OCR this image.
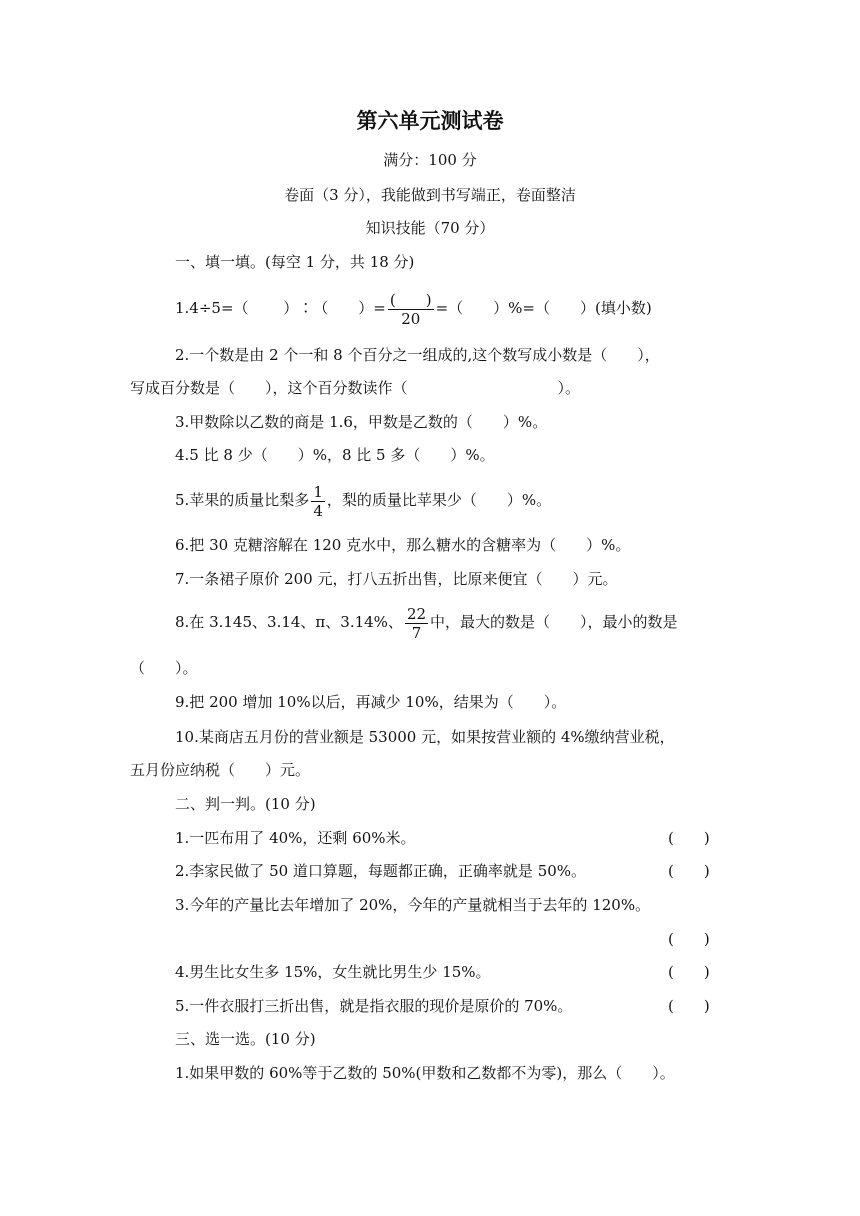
第六单元测试卷
满分：100 分
卷面（3 分），我能做到书写端正，卷面整洁
知识技能（70 分）
一、填一填。(每空 1 分，共 18 分)
1.4÷5=（　　 ）∶（　　）= $\frac{( )}{20}$ =（　　）%=（　　）(填小数)
2.一个数是由 2 个一和 8 个百分之一组成的,这个数写成小数是（　　），
写成百分数是（　　），这个百分数读作（　　　　　　　　　　）。
3.甲数除以乙数的商是 1.6，甲数是乙数的（　　）%。
4.5 比 8 少（　　）%，8 比 5 多（　　）%。
5.苹果的质量比梨多 $\frac{1}{4}$ ，梨的质量比苹果少（　　）%。
6.把 30 克糖溶解在 120 克水中，那么糖水的含糖率为（　　）%。
7.一条裙子原价 200 元，打八五折出售，比原来便宜（　　）元。
8.在 3.145、3.14、π、3.14%、 $\frac{22}{7}$ 中，最大的数是（　　），最小的数是
（　　）。
9.把 200 增加 10%以后，再减少 10%，结果为（　　）。
10.某商店五月份的营业额是 53000 元，如果按营业额的 4%缴纳营业税，
五月份应纳税（　　）元。
二、判一判。(10 分)
1.一匹布用了 40%，还剩 60%米。	(　　)
2.李家民做了 50 道口算题，每题都正确，正确率就是 50%。	(　　)
3.今年的产量比去年增加了 20%，今年的产量就相当于去年的 120%。
(　　)
4.男生比女生多 15%，女生就比男生少 15%。	(　　)
5.一件衣服打三折出售，就是指衣服的现价是原价的 70%。	(　　)
三、选一选。(10 分)
1.如果甲数的 60%等于乙数的 50%(甲数和乙数都不为零)，那么（　　）。
